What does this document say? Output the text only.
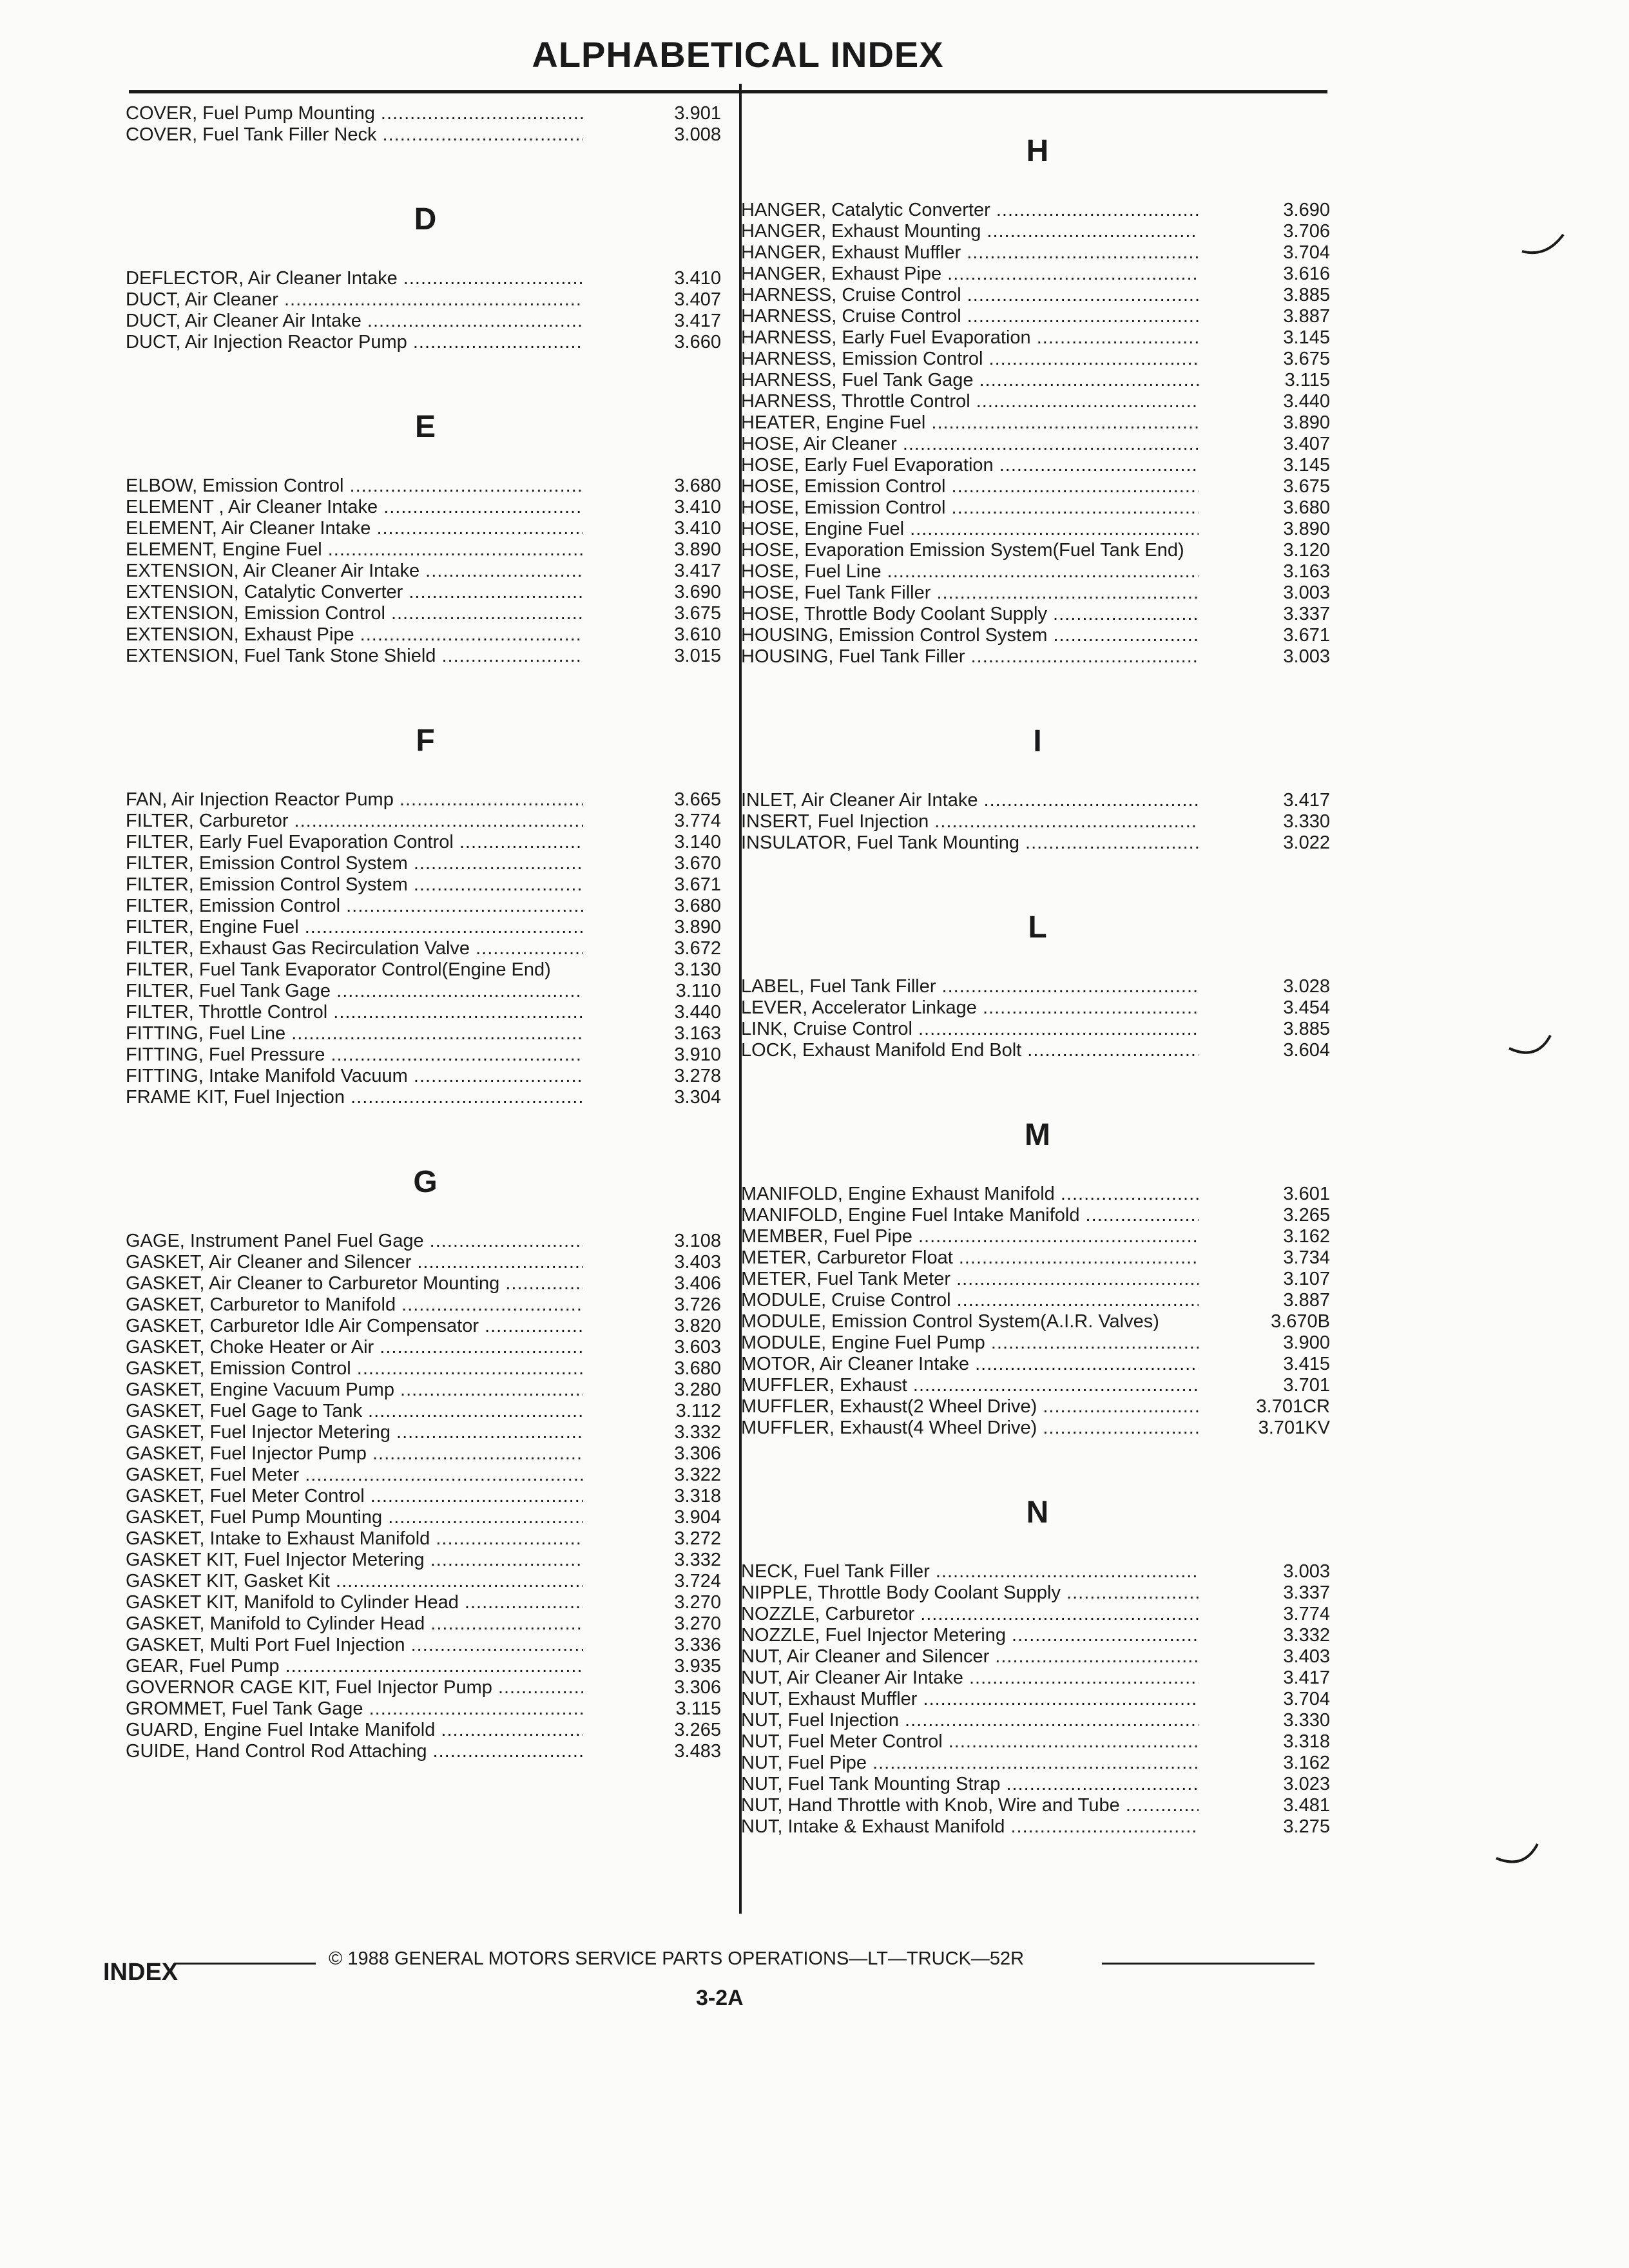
ALPHABETICAL INDEX
COVER, Fuel Pump Mounting .....	3.901
COVER, Fuel Tank Filler Neck .....	3.008
D
DEFLECTOR, Air Cleaner Intake .....	3.410
DUCT, Air Cleaner .....	3.407
DUCT, Air Cleaner Air Intake .....	3.417
DUCT, Air Injection Reactor Pump .....	3.660
E
ELBOW, Emission Control .....	3.680
ELEMENT , Air Cleaner Intake .....	3.410
ELEMENT, Air Cleaner Intake .....	3.410
ELEMENT, Engine Fuel .....	3.890
EXTENSION, Air Cleaner Air Intake .....	3.417
EXTENSION, Catalytic Converter .....	3.690
EXTENSION, Emission Control .....	3.675
EXTENSION, Exhaust Pipe .....	3.610
EXTENSION, Fuel Tank Stone Shield .....	3.015
F
FAN, Air Injection Reactor Pump .....	3.665
FILTER, Carburetor .....	3.774
FILTER, Early Fuel Evaporation Control .....	3.140
FILTER, Emission Control System .....	3.670
FILTER, Emission Control System .....	3.671
FILTER, Emission Control .....	3.680
FILTER, Engine Fuel .....	3.890
FILTER, Exhaust Gas Recirculation Valve .....	3.672
FILTER, Fuel Tank Evaporator Control(Engine End)	3.130
FILTER, Fuel Tank Gage .....	3.110
FILTER, Throttle Control .....	3.440
FITTING, Fuel Line .....	3.163
FITTING, Fuel Pressure .....	3.910
FITTING, Intake Manifold Vacuum .....	3.278
FRAME KIT, Fuel Injection .....	3.304
G
GAGE, Instrument Panel Fuel Gage .....	3.108
GASKET, Air Cleaner and Silencer .....	3.403
GASKET, Air Cleaner to Carburetor Mounting .....	3.406
GASKET, Carburetor to Manifold .....	3.726
GASKET, Carburetor Idle Air Compensator .....	3.820
GASKET, Choke Heater or Air .....	3.603
GASKET, Emission Control .....	3.680
GASKET, Engine Vacuum Pump .....	3.280
GASKET, Fuel Gage to Tank .....	3.112
GASKET, Fuel Injector Metering .....	3.332
GASKET, Fuel Injector Pump .....	3.306
GASKET, Fuel Meter .....	3.322
GASKET, Fuel Meter Control .....	3.318
GASKET, Fuel Pump Mounting .....	3.904
GASKET, Intake to Exhaust Manifold .....	3.272
GASKET KIT, Fuel Injector Metering .....	3.332
GASKET KIT, Gasket Kit .....	3.724
GASKET KIT, Manifold to Cylinder Head .....	3.270
GASKET, Manifold to Cylinder Head .....	3.270
GASKET, Multi Port Fuel Injection .....	3.336
GEAR, Fuel Pump .....	3.935
GOVERNOR CAGE KIT, Fuel Injector Pump .....	3.306
GROMMET, Fuel Tank Gage .....	3.115
GUARD, Engine Fuel Intake Manifold .....	3.265
GUIDE, Hand Control Rod Attaching .....	3.483
H
HANGER, Catalytic Converter .....	3.690
HANGER, Exhaust Mounting .....	3.706
HANGER, Exhaust Muffler .....	3.704
HANGER, Exhaust Pipe .....	3.616
HARNESS, Cruise Control .....	3.885
HARNESS, Cruise Control .....	3.887
HARNESS, Early Fuel Evaporation .....	3.145
HARNESS, Emission Control .....	3.675
HARNESS, Fuel Tank Gage .....	3.115
HARNESS, Throttle Control .....	3.440
HEATER, Engine Fuel .....	3.890
HOSE, Air Cleaner .....	3.407
HOSE, Early Fuel Evaporation .....	3.145
HOSE, Emission Control .....	3.675
HOSE, Emission Control .....	3.680
HOSE, Engine Fuel .....	3.890
HOSE, Evaporation Emission System(Fuel Tank End)	3.120
HOSE, Fuel Line .....	3.163
HOSE, Fuel Tank Filler .....	3.003
HOSE, Throttle Body Coolant Supply .....	3.337
HOUSING, Emission Control System .....	3.671
HOUSING, Fuel Tank Filler .....	3.003
I
INLET, Air Cleaner Air Intake .....	3.417
INSERT, Fuel Injection .....	3.330
INSULATOR, Fuel Tank Mounting .....	3.022
L
LABEL, Fuel Tank Filler .....	3.028
LEVER, Accelerator Linkage .....	3.454
LINK, Cruise Control .....	3.885
LOCK, Exhaust Manifold End Bolt .....	3.604
M
MANIFOLD, Engine Exhaust Manifold .....	3.601
MANIFOLD, Engine Fuel Intake Manifold .....	3.265
MEMBER, Fuel Pipe .....	3.162
METER, Carburetor Float .....	3.734
METER, Fuel Tank Meter .....	3.107
MODULE, Cruise Control .....	3.887
MODULE, Emission Control System(A.I.R. Valves)	3.670B
MODULE, Engine Fuel Pump .....	3.900
MOTOR, Air Cleaner Intake .....	3.415
MUFFLER, Exhaust .....	3.701
MUFFLER, Exhaust(2 Wheel Drive) .....	3.701CR
MUFFLER, Exhaust(4 Wheel Drive) .....	3.701KV
N
NECK, Fuel Tank Filler .....	3.003
NIPPLE, Throttle Body Coolant Supply .....	3.337
NOZZLE, Carburetor .....	3.774
NOZZLE, Fuel Injector Metering .....	3.332
NUT, Air Cleaner and Silencer .....	3.403
NUT, Air Cleaner Air Intake .....	3.417
NUT, Exhaust Muffler .....	3.704
NUT, Fuel Injection .....	3.330
NUT, Fuel Meter Control .....	3.318
NUT, Fuel Pipe .....	3.162
NUT, Fuel Tank Mounting Strap .....	3.023
NUT, Hand Throttle with Knob, Wire and Tube .....	3.481
NUT, Intake & Exhaust Manifold .....	3.275
© 1988 GENERAL MOTORS SERVICE PARTS OPERATIONS—LT—TRUCK—52R
INDEX
3-2A
